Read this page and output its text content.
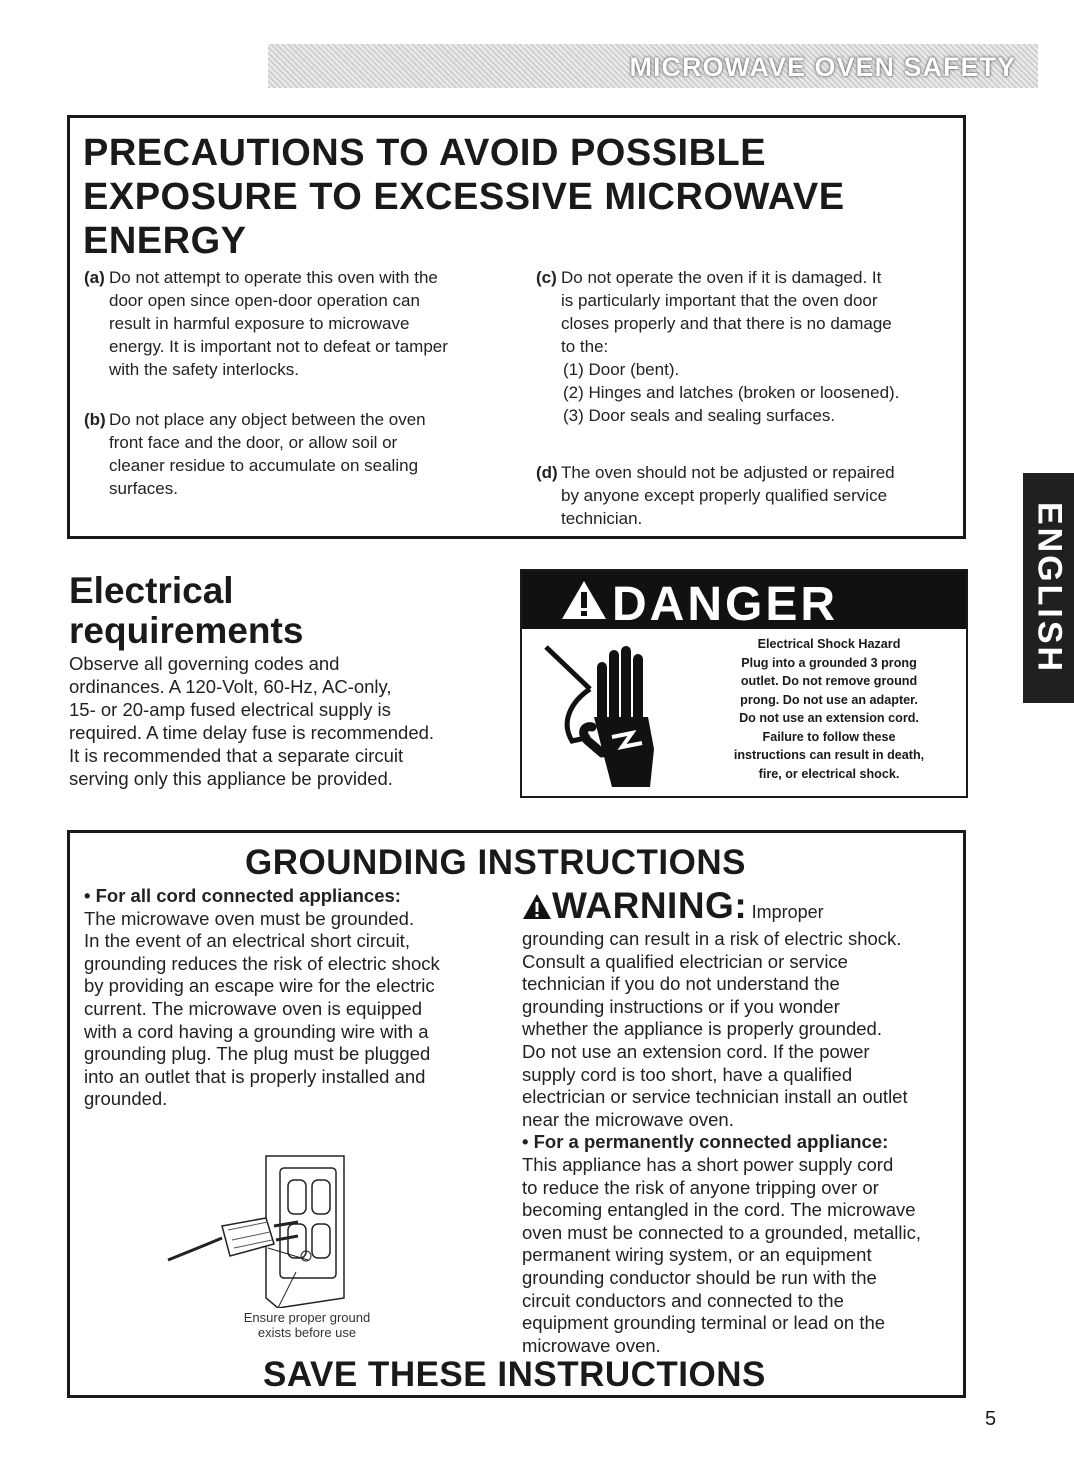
MICROWAVE OVEN SAFETY
ENGLISH
PRECAUTIONS TO AVOID POSSIBLE
EXPOSURE TO EXCESSIVE MICROWAVE
ENERGY
(a) Do not attempt to operate this oven with the
door open since open-door operation can
result in harmful exposure to microwave
energy. It is important not to defeat or tamper
with the safety interlocks.
(b) Do not place any object between the oven
front face and the door, or allow soil or
cleaner residue to accumulate on sealing
surfaces.
(c) Do not operate the oven if it is damaged. It
is particularly important that the oven door
closes properly and that there is no damage
to the:
(1) Door (bent).
(2) Hinges and latches (broken or loosened).
(3) Door seals and sealing surfaces.
(d) The oven should not be adjusted or repaired
by anyone except properly qualified service
technician.
Electrical
requirements
Observe all governing codes and
ordinances. A 120-Volt, 60-Hz, AC-only,
15- or 20-amp fused electrical supply is
required. A time delay fuse is recommended.
It is recommended that a separate circuit
serving only this appliance be provided.
DANGER
Electrical Shock Hazard
Plug into a grounded 3 prong
outlet. Do not remove ground
prong. Do not use an adapter.
Do not use an extension cord.
Failure to follow these
instructions can result in death,
fire, or electrical shock.
GROUNDING INSTRUCTIONS
• For all cord connected appliances:
The microwave oven must be grounded.
In the event of an electrical short circuit,
grounding reduces the risk of electric shock
by providing an escape wire for the electric
current. The microwave oven is equipped
with a cord having a grounding wire with a
grounding plug. The plug must be plugged
into an outlet that is properly installed and
grounded.
Ensure proper ground
exists before use
WARNING: Improper
grounding can result in a risk of electric shock.
Consult a qualified electrician or service
technician if you do not understand the
grounding instructions or if you wonder
whether the appliance is properly grounded.
Do not use an extension cord. If the power
supply cord is too short, have a qualified
electrician or service technician install an outlet
near the microwave oven.
• For a permanently connected appliance:
This appliance has a short power supply cord
to reduce the risk of anyone tripping over or
becoming entangled in the cord. The microwave
oven must be connected to a grounded, metallic,
permanent wiring system, or an equipment
grounding conductor should be run with the
circuit conductors and connected to the
equipment grounding terminal or lead on the
microwave oven.
SAVE THESE INSTRUCTIONS
5
